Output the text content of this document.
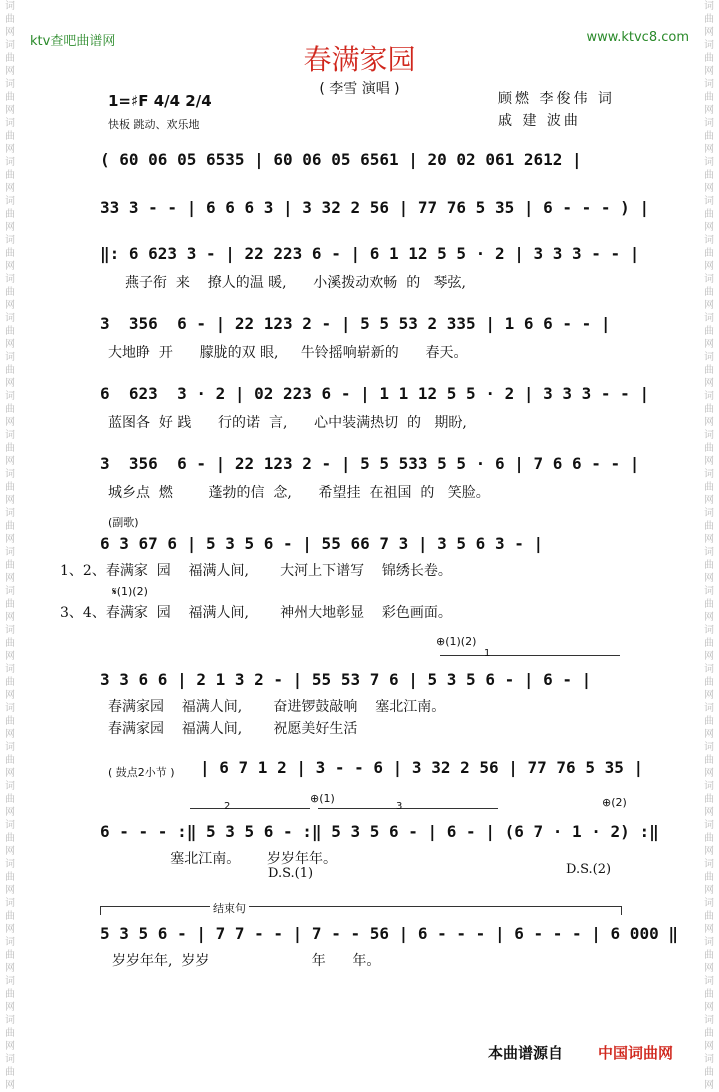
词
曲
网
词
曲
网
词
曲
网
词
曲
网
词
曲
网
词
曲
网
词
曲
网
词
曲
网
词
曲
网
词
曲
网
词
曲
网
词
曲
网
词
曲
网
词
曲
网
词
曲
网
词
曲
网
词
曲
网
词
曲
网
词
曲
网
词
曲
网
词
曲
网
词
曲
网
词
曲
网
词
曲
网
词
曲
网
词
曲
网
词
曲
网
词
曲
网
词
曲
网
词
曲
网
词
曲
网
词
曲
网
词
曲
网
词
曲
网
词
曲
网
词
曲
网
词
曲
网
词
曲
网
词
曲
网
词
曲
网
词
曲
网
词
曲
网
词
曲
网
词
曲
网
词
曲
网
词
曲
网
词
曲
网
词
曲
网
词
曲
网
词
曲
网
词
曲
网
词
曲
网
词
曲
网
词
曲
网
词
曲
网
词
曲
网
ktv查吧曲谱网	www.ktvc8.com
春满家园
( 李雪 演唱 )
1=♯F 4/4 2/4
快板 跳动、欢乐地
顾燃 李俊伟 词
戚 建 波曲
( 60 06 05 6535 | 60 06 05 6561 | 20 02 061 2612 |
33 3 - - | 6 6 6 3 | 3 32 2 56 | 77 76 5 35 | 6 - - - ) |
‖: 6 623 3 - | 22 223 6 - | 6 1 12 5 5 · 2 | 3 3 3 - - |
燕子衔  来    撩人的温 暖,      小溪拨动欢畅  的   琴弦,
3  356  6 - | 22 123 2 - | 5 5 53 2 335 | 1 6 6 - - |
大地睁  开      朦胧的双 眼,     牛铃摇响崭新的      春天。
6  623  3 · 2 | 02 223 6 - | 1 1 12 5 5 · 2 | 3 3 3 - - |
蓝图各  好 践      行的诺  言,      心中装满热切  的   期盼,
3  356  6 - | 22 123 2 - | 5 5 533 5 5 · 6 | 7 6 6 - - |
城乡点  燃        蓬勃的信  念,      希望挂  在祖国  的   笑脸。
(副歌)
6 3 67 6 | 5 3 5 6 - | 55 66 7 3 | 3 5 6 3 - |
1、2、春满家  园    福满人间,       大河上下谱写    锦绣长卷。
𝄋(1)(2)
3、4、春满家  园    福满人间,       神州大地彰显    彩色画面。
⊕(1)(2)
1
3 3 6 6 | 2 1 3 2 - | 55 53 7 6 | 5 3 5 6 - | 6 - |
春满家园    福满人间,       奋进锣鼓敲响    塞北江南。
春满家园    福满人间,       祝愿美好生活
( 鼓点2小节 ) | 6 7 1 2 | 3 - - 6 | 3 32 2 56 | 77 76 5 35 |
⊕(1)	⊕(2)
2	3
6 - - - :‖ 5 3 5 6 - :‖ 5 3 5 6 - | 6 - | (6 7 · 1 · 2) :‖
塞北江南。      岁岁年年。
D.S.(1)	D.S.(2)
结束句
5 3 5 6 - | 7 7 - - | 7 - - 56 | 6 - - - | 6 - - - | 6 000 ‖
岁岁年年,  岁岁                       年      年。
本曲谱源自 中国词曲网
